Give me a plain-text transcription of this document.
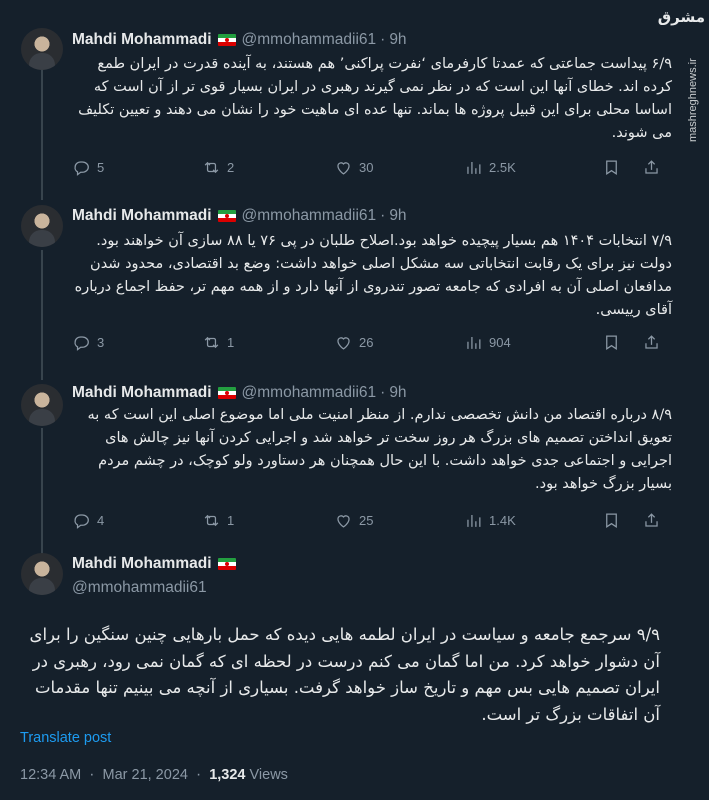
مشرق
mashreghnews.ir
Mahdi Mohammadi @mmohammadii61 · 9h
۶/۹ پیداست جماعتی که عمدتا کارفرمای ‘نفرت پراکنی’ هم هستند، به آینده قدرت در ایران طمع کرده اند. خطای آنها این است که در نظر نمی گیرند رهبری در ایران بسیار قوی تر از آن است که اساسا محلی برای این قبیل پروژه ها بماند. تنها عده ای ماهیت خود را نشان می دهند و تعیین تکلیف می شوند.
5	2	30	2.5K
Mahdi Mohammadi @mmohammadii61 · 9h
۷/۹ انتخابات ۱۴۰۴ هم بسیار پیچیده خواهد بود.اصلاح طلبان در پی ۷۶ یا ۸۸ سازی آن خواهند بود. دولت نیز برای یک رقابت انتخاباتی سه مشکل اصلی خواهد داشت: وضع بد اقتصادی، محدود شدن مدافعان اصلی آن به افرادی که جامعه تصور تندروی از آنها دارد و از همه مهم تر، حفظ اجماع درباره آقای رییسی.
3	1	26	904
Mahdi Mohammadi @mmohammadii61 · 9h
۸/۹ درباره اقتصاد من دانش تخصصی ندارم. از منظر امنیت ملی اما موضوع اصلی این است که به تعویق انداختن تصمیم های بزرگ هر روز سخت تر خواهد شد و اجرایی کردن آنها نیز چالش های اجرایی و اجتماعی جدی خواهد داشت. با این حال همچنان هر دستاورد ولو کوچک، در چشم مردم بسیار بزرگ خواهد بود.
4	1	25	1.4K
Mahdi Mohammadi
@mmohammadii61
۹/۹ سرجمع جامعه و سیاست در ایران لطمه هایی دیده که حمل بارهایی چنین سنگین را برای آن دشوار خواهد کرد. من اما گمان می کنم درست در لحظه ای که گمان نمی رود، رهبری در ایران تصمیم هایی بس مهم و تاریخ ساز خواهد گرفت. بسیاری از آنچه می بینیم تنها مقدمات آن اتفاقات بزرگ تر است.
Translate post
12:34 AM · Mar 21, 2024 · 1,324 Views
